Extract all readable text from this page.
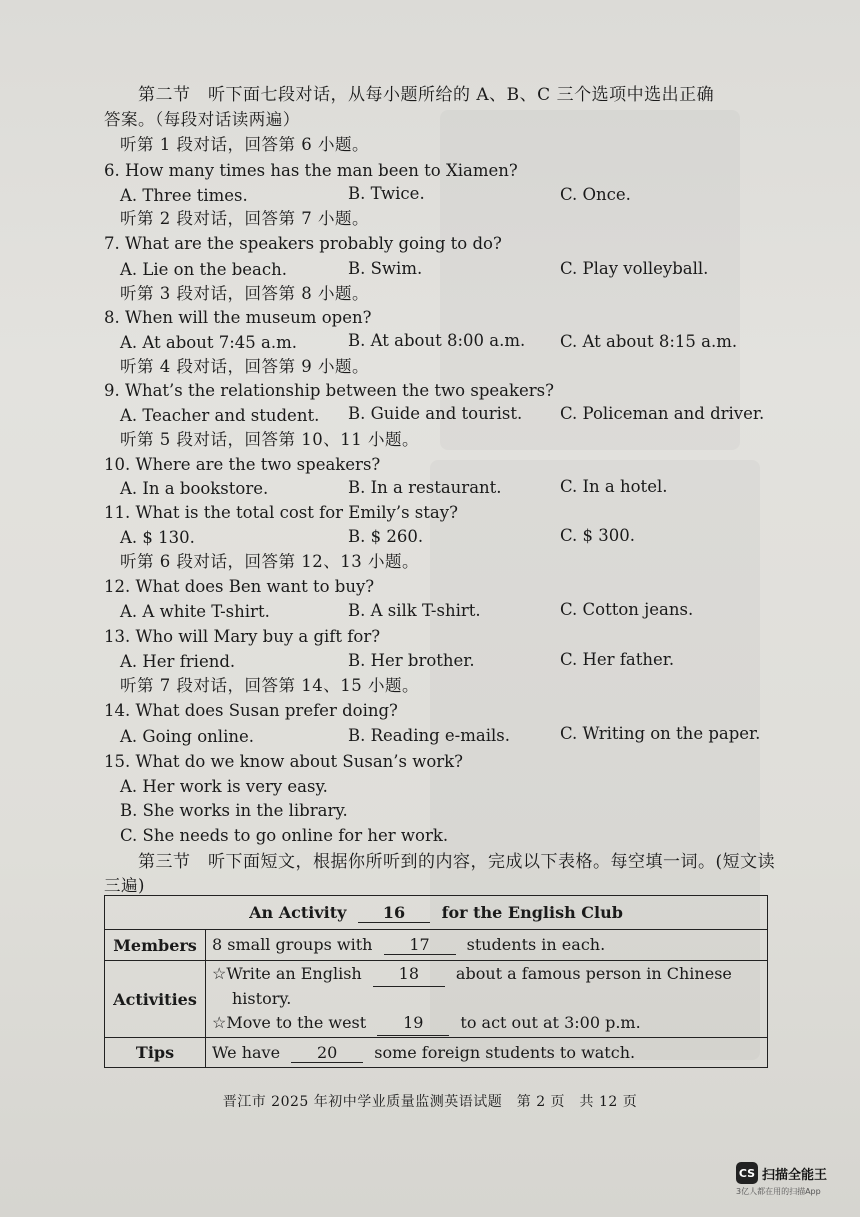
第二节　听下面七段对话，从每小题所给的 A、B、C 三个选项中选出正确
答案。（每段对话读两遍）
听第 1 段对话，回答第 6 小题。
6. How many times has the man been to Xiamen?
A. Three times.	B. Twice.	C. Once.
听第 2 段对话，回答第 7 小题。
7. What are the speakers probably going to do?
A. Lie on the beach.	B. Swim.	C. Play volleyball.
听第 3 段对话，回答第 8 小题。
8. When will the museum open?
A. At about 7:45 a.m.	B. At about 8:00 a.m. C. At about 8:15 a.m.
听第 4 段对话，回答第 9 小题。
9. What’s the relationship between the two speakers?
A. Teacher and student. B. Guide and tourist. C. Policeman and driver.
听第 5 段对话，回答第 10、11 小题。
10. Where are the two speakers?
A. In a bookstore.	B. In a restaurant.	C. In a hotel.
11. What is the total cost for Emily’s stay?
A. $ 130.	B. $ 260.	C. $ 300.
听第 6 段对话，回答第 12、13 小题。
12. What does Ben want to buy?
A. A white T-shirt.	B. A silk T-shirt.	C. Cotton jeans.
13. Who will Mary buy a gift for?
A. Her friend.	B. Her brother.	C. Her father.
听第 7 段对话，回答第 14、15 小题。
14. What does Susan prefer doing?
A. Going online.	B. Reading e-mails.	C. Writing on the paper.
15. What do we know about Susan’s work?
A. Her work is very easy.
B. She works in the library.
C. She needs to go online for her work.
第三节　听下面短文，根据你所听到的内容，完成以下表格。每空填一词。(短文读
三遍)
An Activity 16 for the English Club	
Members	8 small groups with 17 students in each.
Activities	☆Write an English 18 about a famous person in Chinese
history.
☆Move to the west 19 to act out at 3:00 p.m.

Tips	We have 20 some foreign students to watch.
晋江市 2025 年初中学业质量监测英语试题　第 2 页　共 12 页
CS 扫描全能王
3亿人都在用的扫描App
